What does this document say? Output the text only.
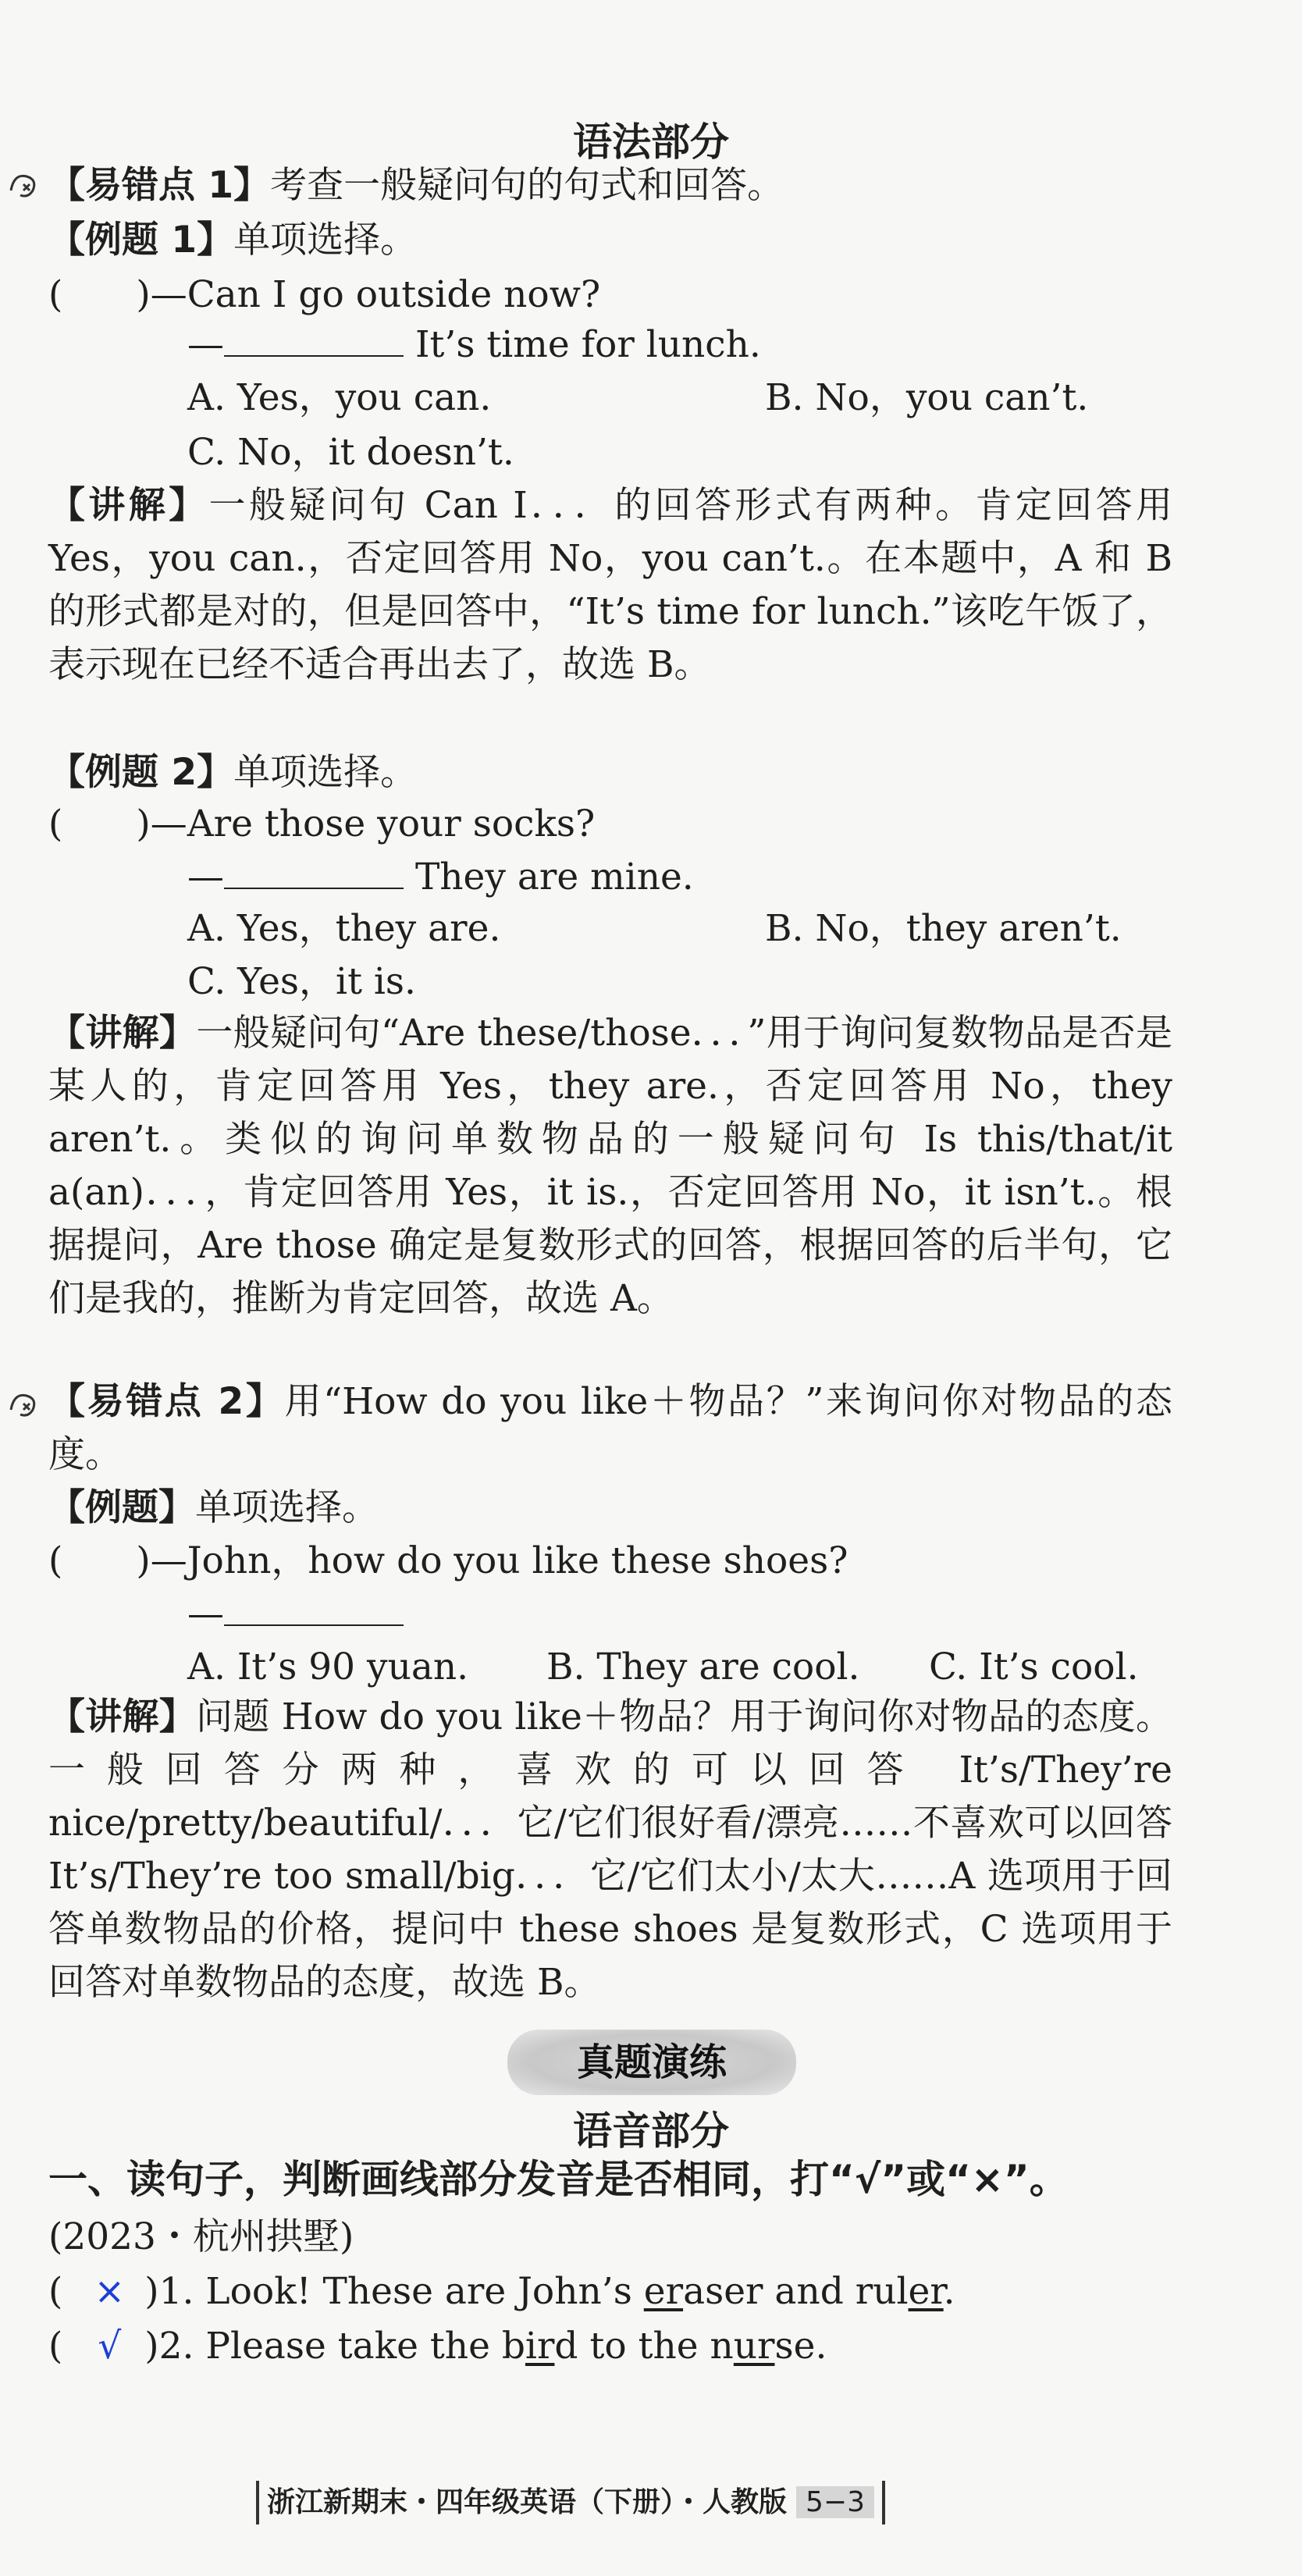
语法部分
【易错点 1】考查一般疑问句的句式和回答。
【例题 1】单项选择。
(　　)—Can I go outside now?
—	It’s time for lunch.
A. Yes，you can.	B. No，you can’t.
C. No，it doesn’t.
【讲解】一般疑问句 Can I．．．的回答形式有两种。肯定回答用 Yes，you can.，否定回答用 No，you can’t.。在本题中，A 和 B 的形式都是对的，但是回答中，“It’s time for lunch.”该吃午饭了，表示现在已经不适合再出去了，故选 B。
【例题 2】单项选择。
(　　)—Are those your socks?
—	They are mine.
A. Yes，they are.	B. No，they aren’t.
C. Yes，it is.
【讲解】一般疑问句“Are these/those．．．”用于询问复数物品是否是某人的，肯定回答用 Yes，they are.，否定回答用 No，they aren’t.。类似的询问单数物品的一般疑问句 Is this/that/it a(an)．．．，肯定回答用 Yes，it is.，否定回答用 No，it isn’t.。根据提问，Are those 确定是复数形式的回答，根据回答的后半句，它们是我的，推断为肯定回答，故选 A。
【易错点 2】用“How do you like＋物品？”来询问你对物品的态度。
【例题】单项选择。
(　　)—John，how do you like these shoes?
—
A. It’s 90 yuan. B. They are cool. C. It’s cool.
【讲解】问题 How do you like＋物品？用于询问你对物品的态度。一般回答分两种，喜欢的可以回答 It’s/They’re nice/pretty/beautiful/．．．它/它们很好看/漂亮……不喜欢可以回答 It’s/They’re too small/big．．．它/它们太小/太大……A 选项用于回答单数物品的价格，提问中 these shoes 是复数形式，C 选项用于回答对单数物品的态度，故选 B。
真题演练
语音部分
一、读句子，判断画线部分发音是否相同，打“√”或“×”。
(2023・杭州拱墅)
( × )1. Look! These are John’s eraser and ruler.
( √ )2. Please take the bird to the nurse.
浙江新期末・四年级英语（下册）・人教版 5−3
